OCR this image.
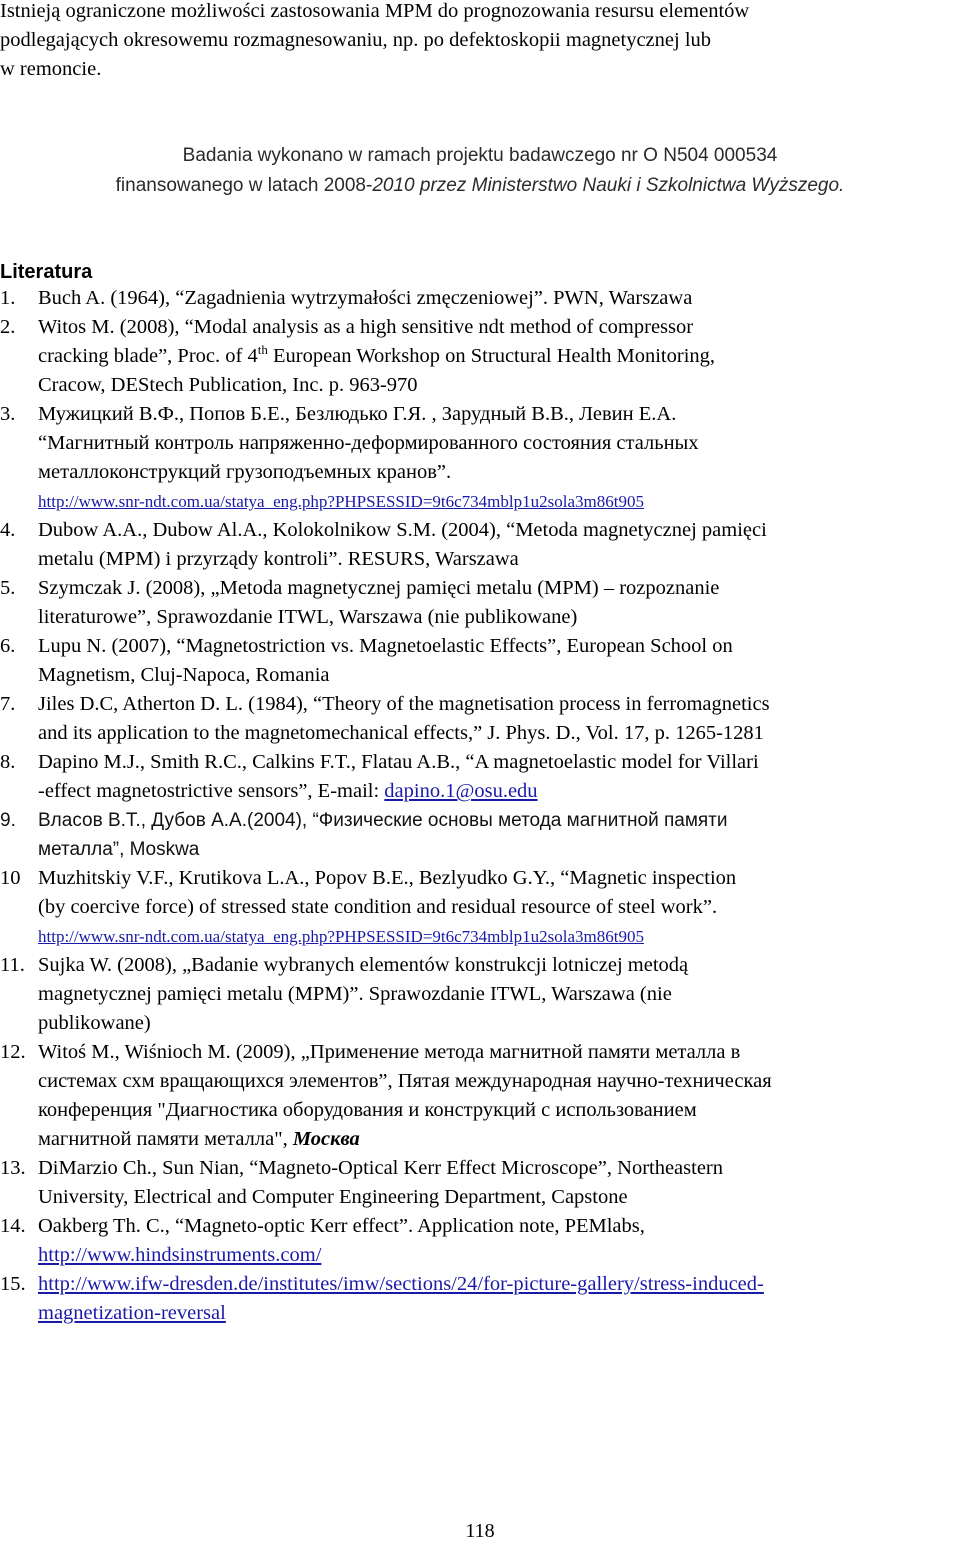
Istnieją ograniczone możliwości zastosowania MPM do prognozowania resursu elementów
podlegających okresowemu rozmagnesowaniu, np. po defektoskopii magnetycznej lub
w remoncie.
Badania wykonano w ramach projektu badawczego nr O N504 000534
finansowanego w latach 2008-2010 przez Ministerstwo Nauki i Szkolnictwa Wyższego.
Literatura
1.	Buch A. (1964), “Zagadnienia wytrzymałości zmęczeniowej”. PWN, Warszawa
2.	Witos M. (2008), “Modal analysis as a high sensitive ndt method of compressor
cracking blade”, Proc. of 4th European Workshop on Structural Health Monitoring,
Cracow, DEStech Publication, Inc. p. 963-970
3.	Мужицкий В.Ф., Попов Б.Е., Безлюдько Г.Я. , Зарудный В.В., Левин Е.А.
“Магнитный контроль напряженно-деформированного состояния стальных
металлоконструкций грузоподъемных кранов”.
http://www.snr-ndt.com.ua/statya_eng.php?PHPSESSID=9t6c734mblp1u2sola3m86t905
4.	Dubow A.A., Dubow Al.A., Kolokolnikow S.M. (2004), “Metoda magnetycznej pamięci
metalu (MPM) i przyrządy kontroli”. RESURS, Warszawa
5.	Szymczak J. (2008), „Metoda magnetycznej pamięci metalu (MPM) – rozpoznanie
literaturowe”, Sprawozdanie ITWL, Warszawa (nie publikowane)
6.	Lupu N. (2007), “Magnetostriction vs. Magnetoelastic Effects”, European School on
Magnetism, Cluj-Napoca, Romania
7.	Jiles D.C, Atherton D. L. (1984), “Theory of the magnetisation process in ferromagnetics
and its application to the magnetomechanical effects,” J. Phys. D., Vol. 17, p. 1265-1281
8.	Dapino M.J., Smith R.C., Calkins F.T., Flatau A.B., “A magnetoelastic model for Villari
-effect magnetostrictive sensors”, E-mail: dapino.1@osu.edu
9.	Власов В.Т., Дубов А.А.(2004), “Физические основы метода магнитной памяти
металла”, Moskwa
10 Muzhitskiy V.F., Krutikova L.A., Popov B.E., Bezlyudko G.Y., “Magnetic inspection
(by coercive force) of stressed state condition and residual resource of steel work”.
http://www.snr-ndt.com.ua/statya_eng.php?PHPSESSID=9t6c734mblp1u2sola3m86t905
11. Sujka W. (2008), „Badanie wybranych elementów konstrukcji lotniczej metodą
magnetycznej pamięci metalu (MPM)”. Sprawozdanie ITWL, Warszawa (nie
publikowane)
12. Witoś M., Wiśnioch M. (2009), „Применение метода магнитной памяти металла в
системах схм вращающихся элементов”, Пятая международная научно-техническая
конференция "Диагностика оборудования и конструкций с использованием
магнитной памяти металла", Москва
13. DiMarzio Ch., Sun Nian, “Magneto-Optical Kerr Effect Microscope”, Northeastern
University, Electrical and Computer Engineering Department, Capstone
14. Oakberg Th. C., “Magneto-optic Kerr effect”. Application note, PEMlabs,
http://www.hindsinstruments.com/
15. http://www.ifw-dresden.de/institutes/imw/sections/24/for-picture-gallery/stress-induced-
magnetization-reversal
118
